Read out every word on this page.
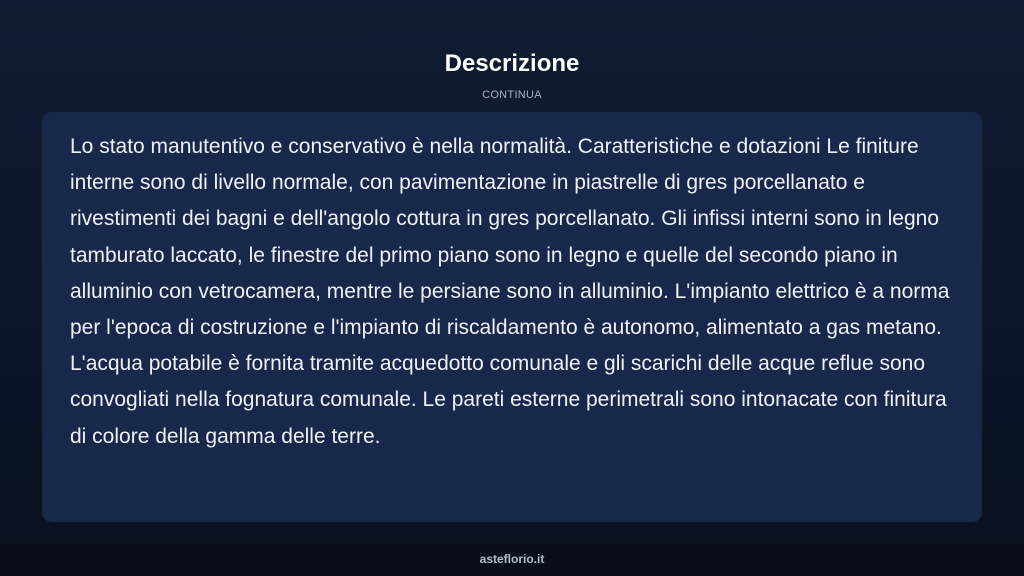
Descrizione
CONTINUA

Lo stato manutentivo e conservativo è nella normalità. Caratteristiche e dotazioni Le finiture interne sono di livello normale, con pavimentazione in piastrelle di gres porcellanato e rivestimenti dei bagni e dell'angolo cottura in gres porcellanato. Gli infissi interni sono in legno tamburato laccato, le finestre del primo piano sono in legno e quelle del secondo piano in alluminio con vetrocamera, mentre le persiane sono in alluminio. L'impianto elettrico è a norma per l'epoca di costruzione e l'impianto di riscaldamento è autonomo, alimentato a gas metano. L'acqua potabile è fornita tramite acquedotto comunale e gli scarichi delle acque reflue sono convogliati nella fognatura comunale. Le pareti esterne perimetrali sono intonacate con finitura di colore della gamma delle terre.

asteflorio.it
